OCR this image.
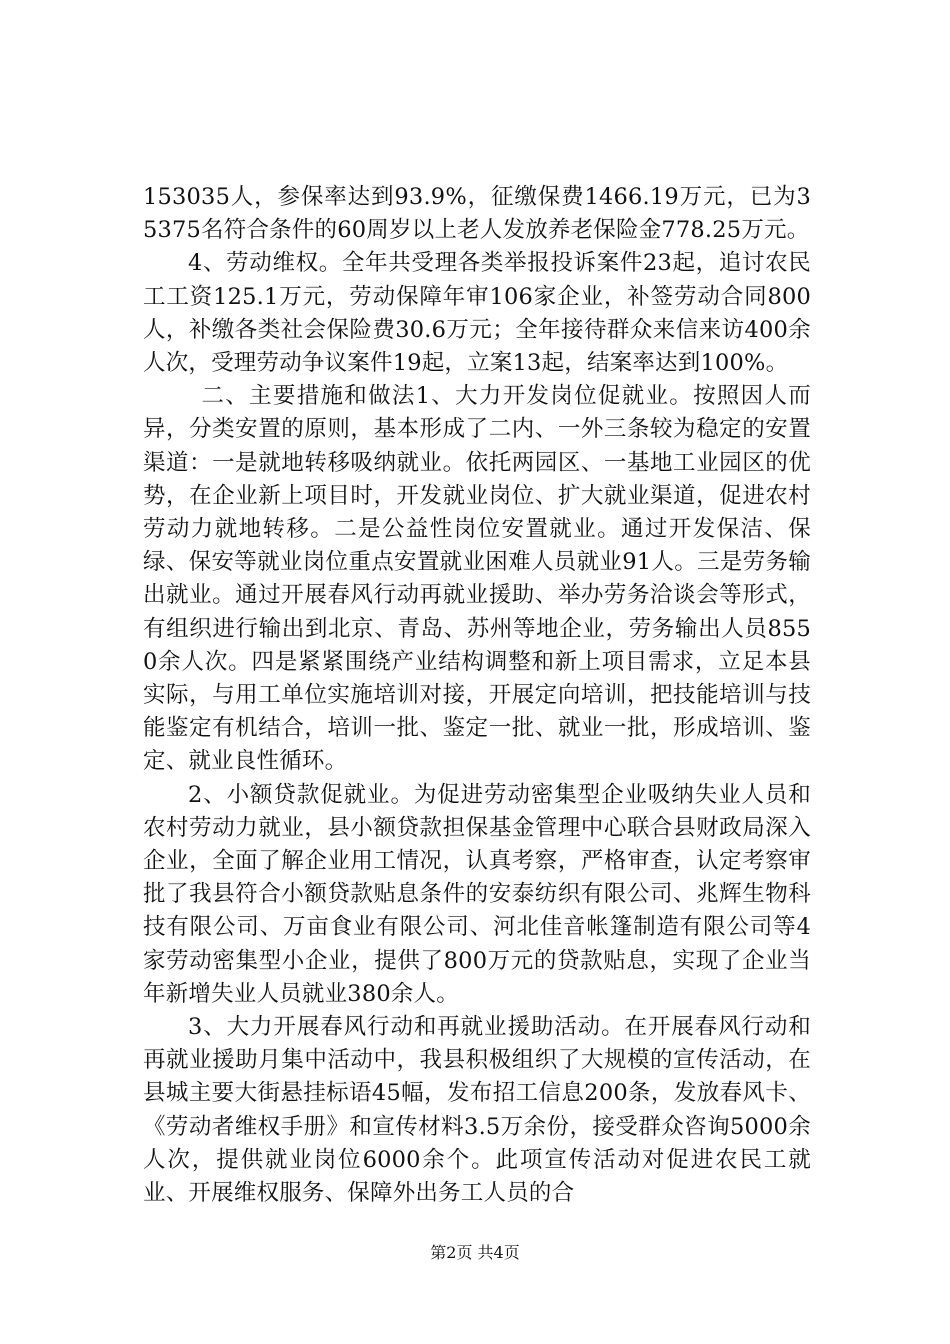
153035人，参保率达到93.9%，征缴保费1466.19万元，已为35375名符合条件的60周岁以上老人发放养老保险金778.25万元。

4、劳动维权。全年共受理各类举报投诉案件23起，追讨农民工工资125.1万元，劳动保障年审106家企业，补签劳动合同800人，补缴各类社会保险费30.6万元；全年接待群众来信来访400余人次，受理劳动争议案件19起，立案13起，结案率达到100%。

二、主要措施和做法1、大力开发岗位促就业。按照因人而异，分类安置的原则，基本形成了二内、一外三条较为稳定的安置渠道：一是就地转移吸纳就业。依托两园区、一基地工业园区的优势，在企业新上项目时，开发就业岗位、扩大就业渠道，促进农村劳动力就地转移。二是公益性岗位安置就业。通过开发保洁、保绿、保安等就业岗位重点安置就业困难人员就业91人。三是劳务输出就业。通过开展春风行动再就业援助、举办劳务洽谈会等形式，有组织进行输出到北京、青岛、苏州等地企业，劳务输出人员8550余人次。四是紧紧围绕产业结构调整和新上项目需求，立足本县实际，与用工单位实施培训对接，开展定向培训，把技能培训与技能鉴定有机结合，培训一批、鉴定一批、就业一批，形成培训、鉴定、就业良性循环。

2、小额贷款促就业。为促进劳动密集型企业吸纳失业人员和农村劳动力就业，县小额贷款担保基金管理中心联合县财政局深入企业，全面了解企业用工情况，认真考察，严格审查，认定考察审批了我县符合小额贷款贴息条件的安泰纺织有限公司、兆辉生物科技有限公司、万亩食业有限公司、河北佳音帐篷制造有限公司等4家劳动密集型小企业，提供了800万元的贷款贴息，实现了企业当年新增失业人员就业380余人。

3、大力开展春风行动和再就业援助活动。在开展春风行动和再就业援助月集中活动中，我县积极组织了大规模的宣传活动，在县城主要大街悬挂标语45幅，发布招工信息200条，发放春风卡、《劳动者维权手册》和宣传材料3.5万余份，接受群众咨询5000余人次，提供就业岗位6000余个。此项宣传活动对促进农民工就业、开展维权服务、保障外出务工人员的合

第2页 共4页
